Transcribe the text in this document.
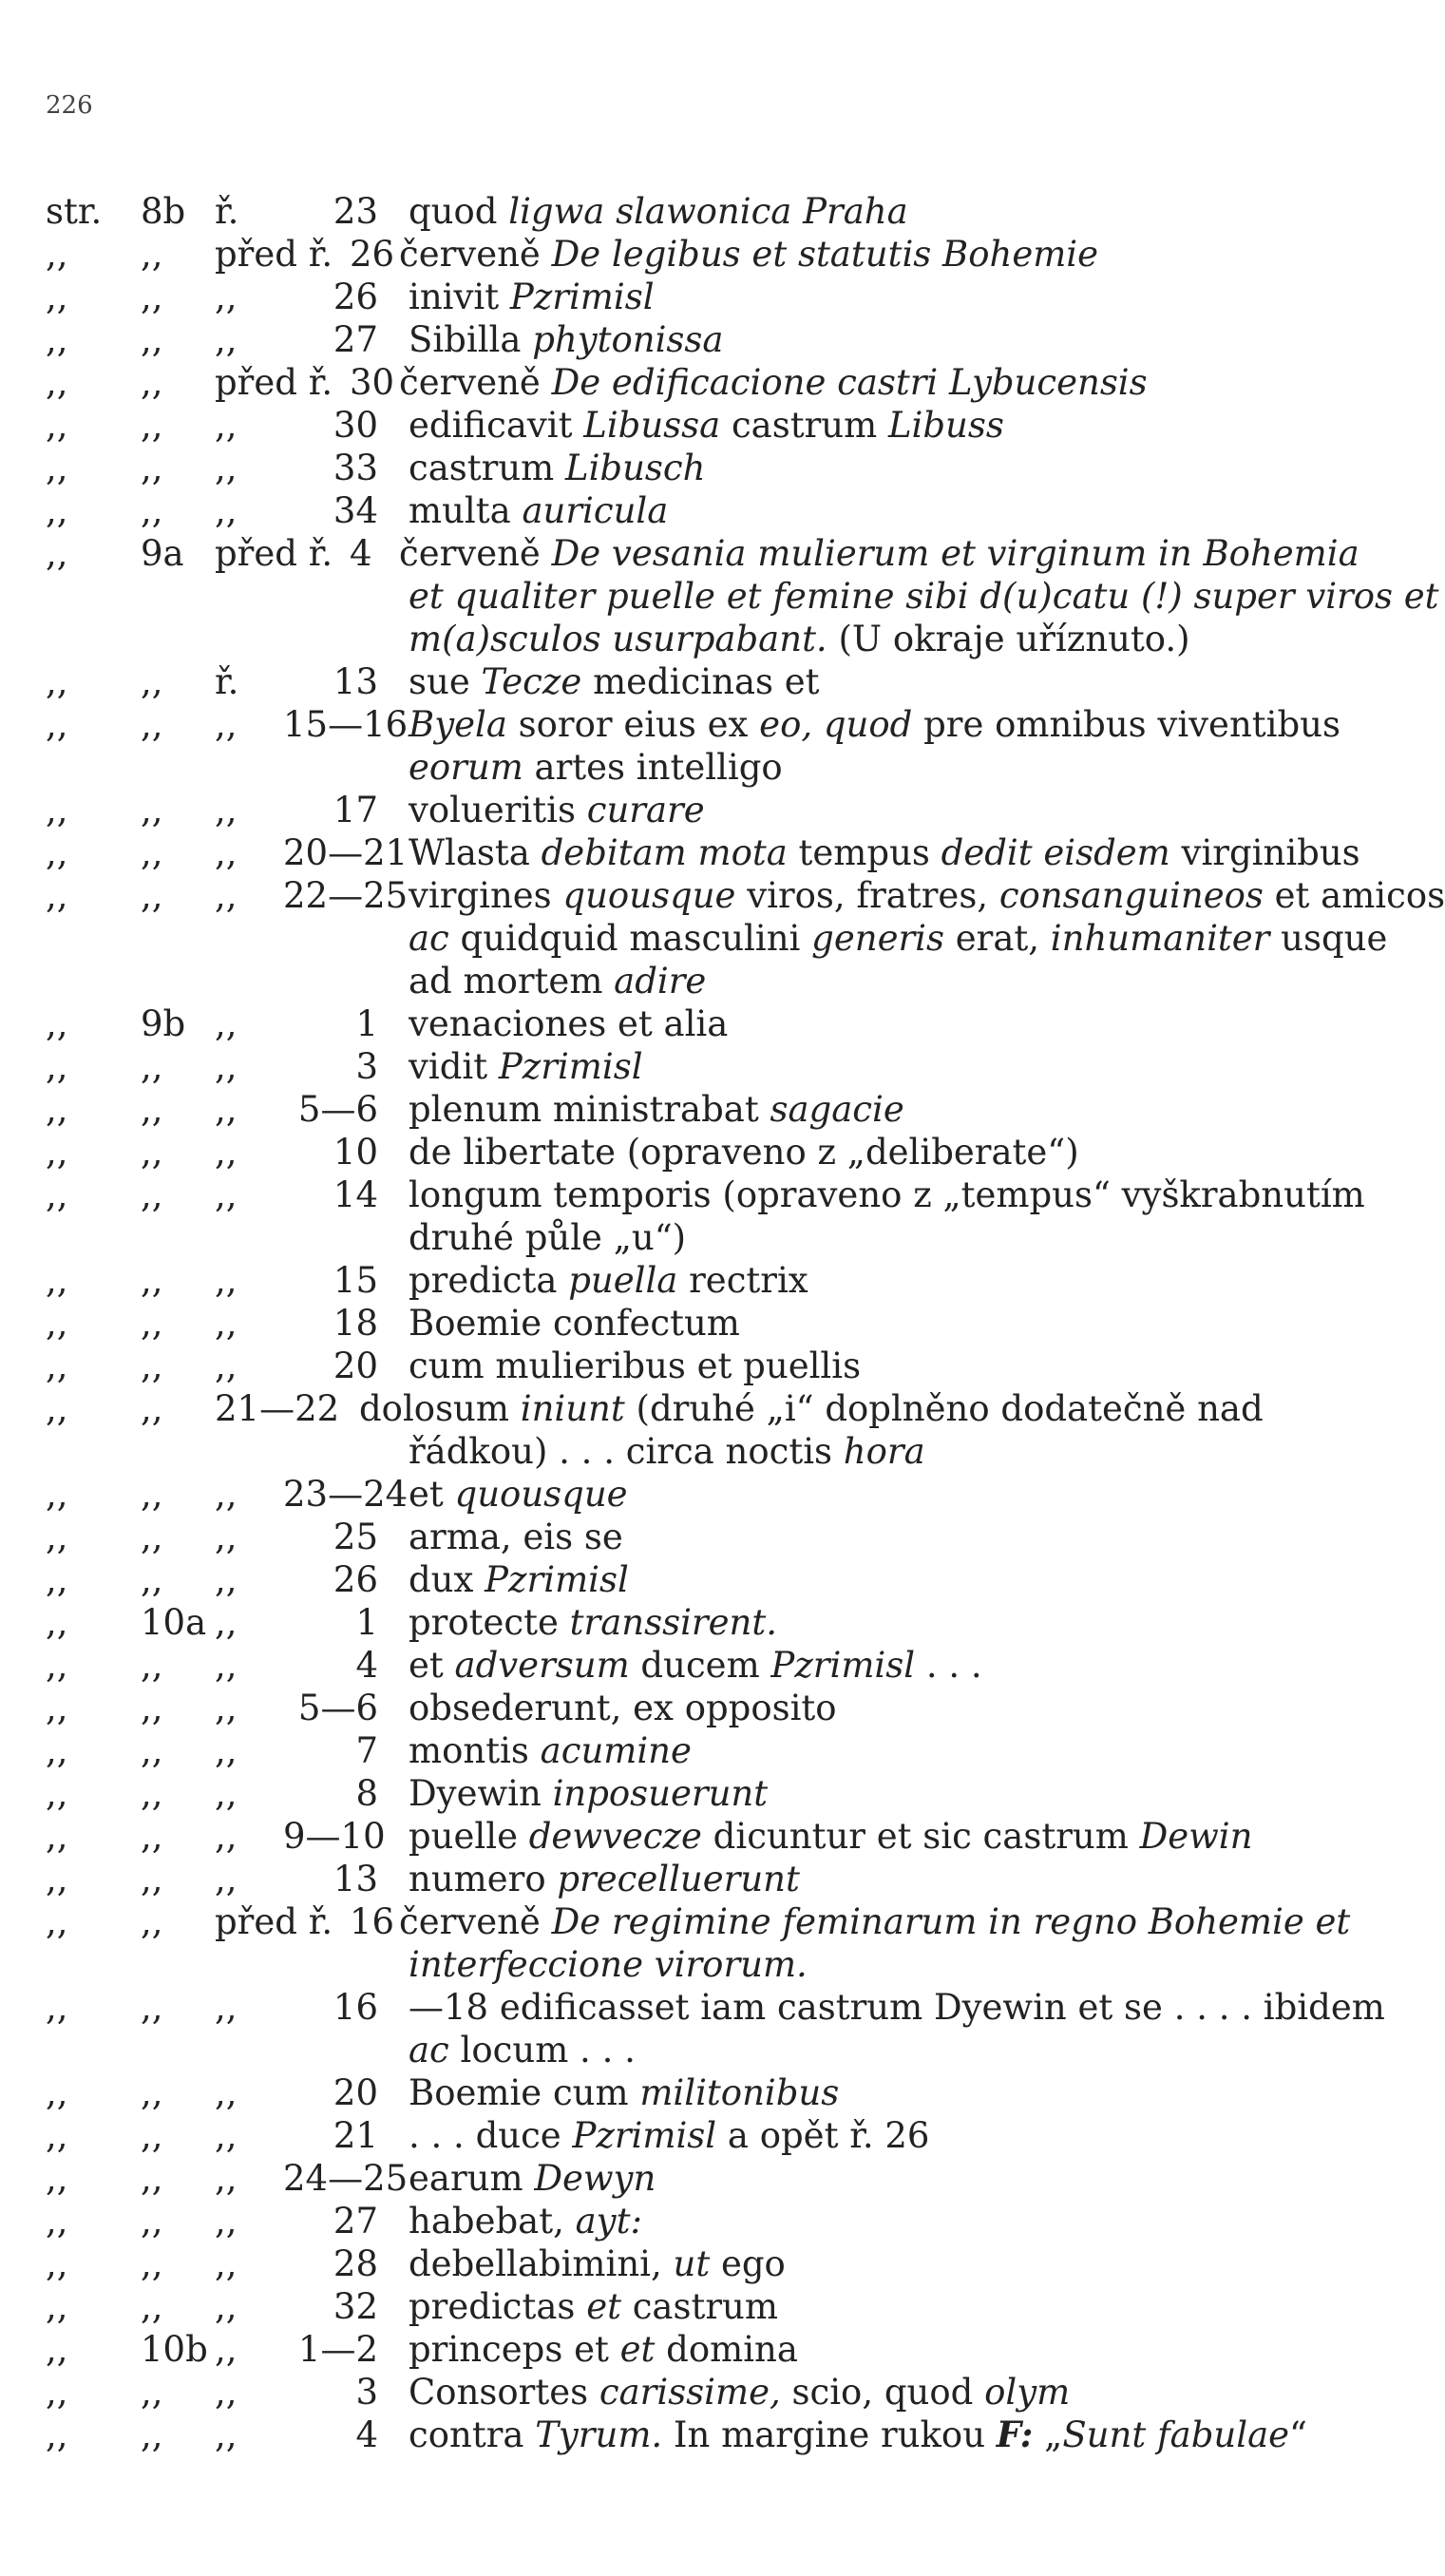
226
str.	8b ř.	23 quod ligwa slawonica Praha
,,	,,	před ř. 26 červeně De legibus et statutis Bohemie
,,	,,	,,	26 inivit Pzrimisl
,,	,,	,,	27 Sibilla phytonissa
,,	,,	před ř. 30 červeně De edificacione castri Lybucensis
,,	,,	,,	30 edificavit Libussa castrum Libuss
,,	,,	,,	33 castrum Libusch
,,	,,	,,	34 multa auricula
,,	9a před ř. 4 červeně De vesania mulierum et virginum in Bohemia
et qualiter puelle et femine sibi d(u)catu (!) super viros et
m(a)sculos usurpabant. (U okraje uříznuto.)
,,	,,	ř.	13 sue Tecze medicinas et
,,	,,	,, 15—16 Byela soror eius ex eo, quod pre omnibus viventibus
eorum artes intelligo
,,	,,	,,	17 volueritis curare
,,	,,	,, 20—21 Wlasta debitam mota tempus dedit eisdem virginibus
,,	,,	,, 22—25 virgines quousque viros, fratres, consanguineos et amicos
ac quidquid masculini generis erat, inhumaniter usque
ad mortem adire
,,	9b ,,	1 venaciones et alia
,,	,,	,,	3 vidit Pzrimisl
,,	,,	,,	5—6 plenum ministrabat sagacie
,,	,,	,,	10 de libertate (opraveno z „deliberate“)
,,	,,	,,	14 longum temporis (opraveno z „tempus“ vyškrabnutím
druhé půle „u“)
,,	,,	,,	15 predicta puella rectrix
,,	,,	,,	18 Boemie confectum
,,	,,	,,	20 cum mulieribus et puellis
,,	,,	21—22 dolosum iniunt (druhé „i“ doplněno dodatečně nad
řádkou) . . . circa noctis hora
,,	,,	,, 23—24 et quousque
,,	,,	,,	25 arma, eis se
,,	,,	,,	26 dux Pzrimisl
,,	10a ,,	1 protecte transsirent.
,,	,,	,,	4 et adversum ducem Pzrimisl . . .
,,	,,	,,	5—6 obsederunt, ex opposito
,,	,,	,,	7 montis acumine
,,	,,	,,	8 Dyewin inposuerunt
,,	,,	,, 9—10 puelle dewvecze dicuntur et sic castrum Dewin
,,	,,	,,	13 numero precelluerunt
,,	,,	před ř. 16 červeně De regimine feminarum in regno Bohemie et
interfeccione virorum.
,,	,,	,,	16 —18 edificasset iam castrum Dyewin et se . . . . ibidem
ac locum . . .
,,	,,	,,	20 Boemie cum militonibus
,,	,,	,,	21 . . . duce Pzrimisl a opět ř. 26
,,	,,	,, 24—25 earum Dewyn
,,	,,	,,	27 habebat, ayt:
,,	,,	,,	28 debellabimini, ut ego
,,	,,	,,	32 predictas et castrum
,,	10b ,,	1—2 princeps et et domina
,,	,,	,,	3 Consortes carissime, scio, quod olym
,,	,,	,,	4 contra Tyrum. In margine rukou F: „Sunt fabulae“
